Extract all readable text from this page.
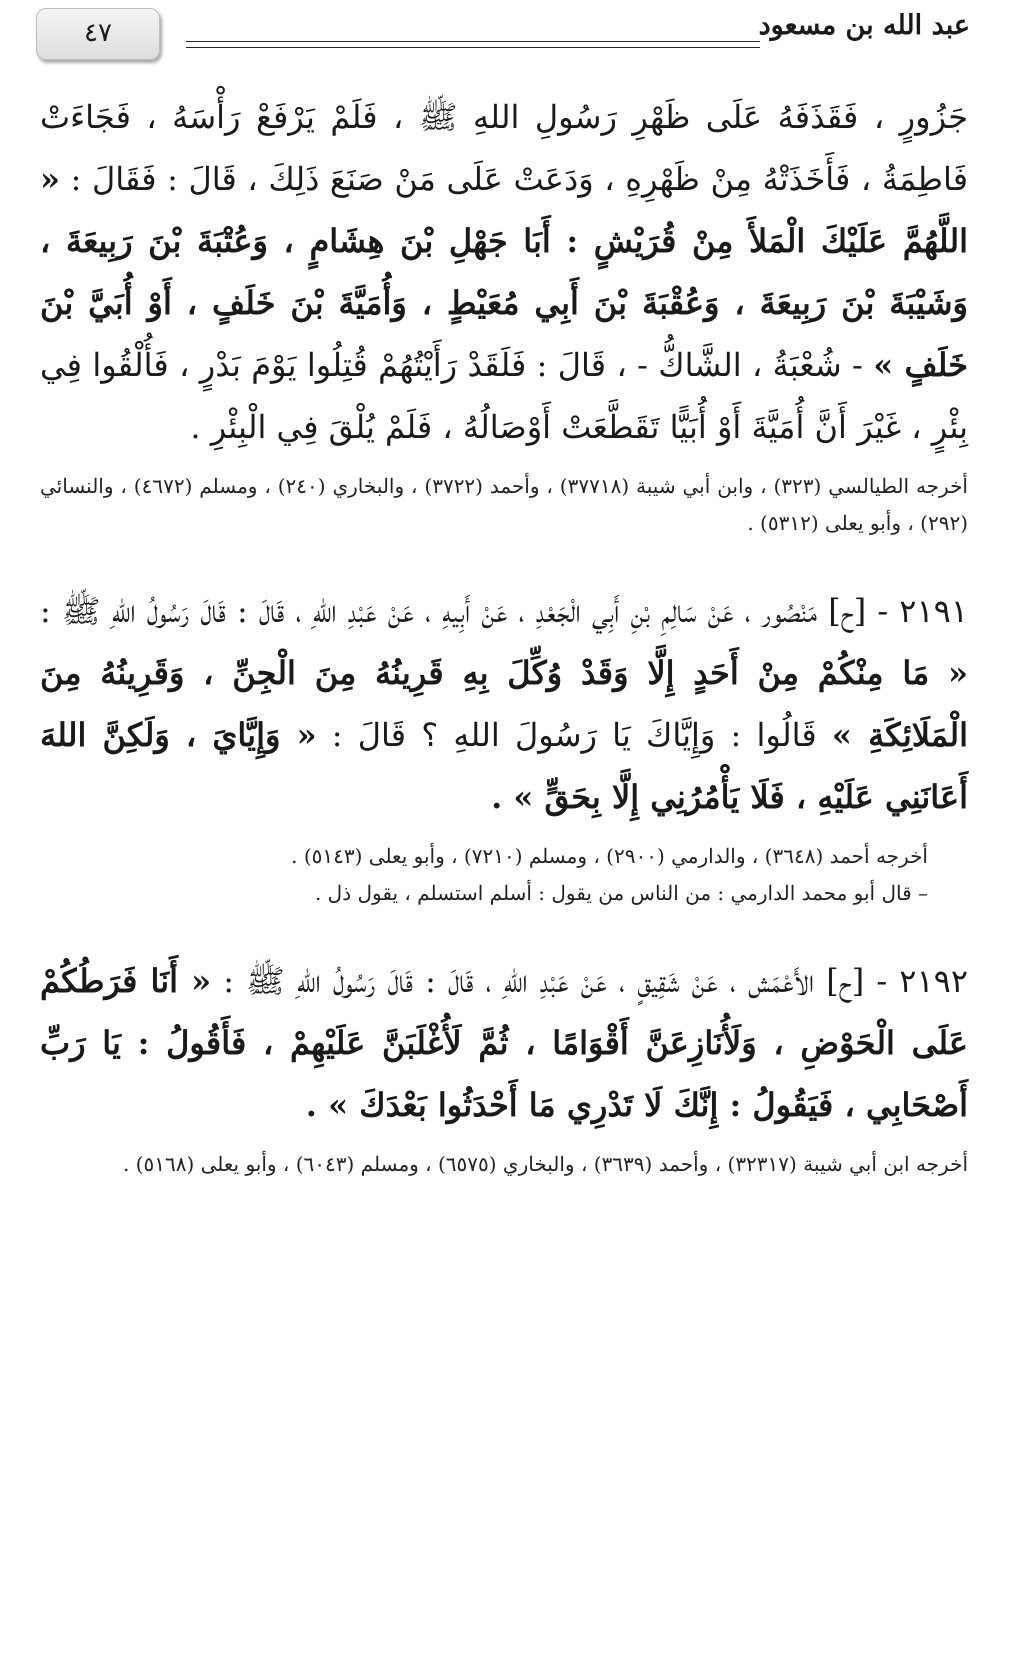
٤٧	عبد الله بن مسعود

جَزُورٍ ، فَقَذَفَهُ عَلَى ظَهْرِ رَسُولِ اللهِ ﷺ ، فَلَمْ يَرْفَعْ رَأْسَهُ ، فَجَاءَتْ فَاطِمَةُ ، فَأَخَذَتْهُ مِنْ ظَهْرِهِ ، وَدَعَتْ عَلَى مَنْ صَنَعَ ذَلِكَ ، قَالَ : فَقَالَ : « اللَّهُمَّ عَلَيْكَ الْمَلأَ مِنْ قُرَيْشٍ : أَبَا جَهْلِ بْنَ هِشَامٍ ، وَعُتْبَةَ بْنَ رَبِيعَةَ ، وَشَيْبَةَ بْنَ رَبِيعَةَ ، وَعُقْبَةَ بْنَ أَبِي مُعَيْطٍ ، وَأُمَيَّةَ بْنَ خَلَفٍ ، أَوْ أُبَيَّ بْنَ خَلَفٍ » - شُعْبَةُ ، الشَّاكُّ - ، قَالَ : فَلَقَدْ رَأَيْتُهُمْ قُتِلُوا يَوْمَ بَدْرٍ ، فَأُلْقُوا فِي بِئْرٍ ، غَيْرَ أَنَّ أُمَيَّةَ أَوْ أُبَيًّا تَقَطَّعَتْ أَوْصَالُهُ ، فَلَمْ يُلْقَ فِي الْبِئْرِ .

أخرجه الطيالسي (٣٢٣) ، وابن أبي شيبة (٣٧٧١٨) ، وأحمد (٣٧٢٢) ، والبخاري (٢٤٠) ، ومسلم (٤٦٧٢) ، والنسائي (٢٩٢) ، وأبو يعلى (٥٣١٢) .

٢١٩١ - [ح] مَنْصُور ، عَنْ سَالِمِ بْنِ أَبِي الْجَعْدِ ، عَنْ أَبِيهِ ، عَنْ عَبْدِ اللهِ ، قَالَ : قَالَ رَسُولُ اللهِ ﷺ : « مَا مِنْكُمْ مِنْ أَحَدٍ إِلَّا وَقَدْ وُكِّلَ بِهِ قَرِينُهُ مِنَ الْجِنِّ ، وَقَرِينُهُ مِنَ الْمَلَائِكَةِ » قَالُوا : وَإِيَّاكَ يَا رَسُولَ اللهِ ؟ قَالَ : « وَإِيَّايَ ، وَلَكِنَّ اللهَ أَعَانَنِي عَلَيْهِ ، فَلَا يَأْمُرُنِي إِلَّا بِحَقٍّ » .

أخرجه أحمد (٣٦٤٨) ، والدارمي (٢٩٠٠) ، ومسلم (٧٢١٠) ، وأبو يعلى (٥١٤٣) .

– قال أبو محمد الدارمي : من الناس من يقول : أسلم استسلم ، يقول ذل .

٢١٩٢ - [ح] الأَعْمَش ، عَنْ شَقِيقٍ ، عَنْ عَبْدِ اللهِ ، قَالَ : قَالَ رَسُولُ اللهِ ﷺ : « أَنَا فَرَطُكُمْ عَلَى الْحَوْضِ ، وَلَأُنَازِعَنَّ أَقْوَامًا ، ثُمَّ لَأُغْلَبَنَّ عَلَيْهِمْ ، فَأَقُولُ : يَا رَبِّ أَصْحَابِي ، فَيَقُولُ : إِنَّكَ لَا تَدْرِي مَا أَحْدَثُوا بَعْدَكَ » .

أخرجه ابن أبي شيبة (٣٢٣١٧) ، وأحمد (٣٦٣٩) ، والبخاري (٦٥٧٥) ، ومسلم (٦٠٤٣) ، وأبو يعلى (٥١٦٨) .
